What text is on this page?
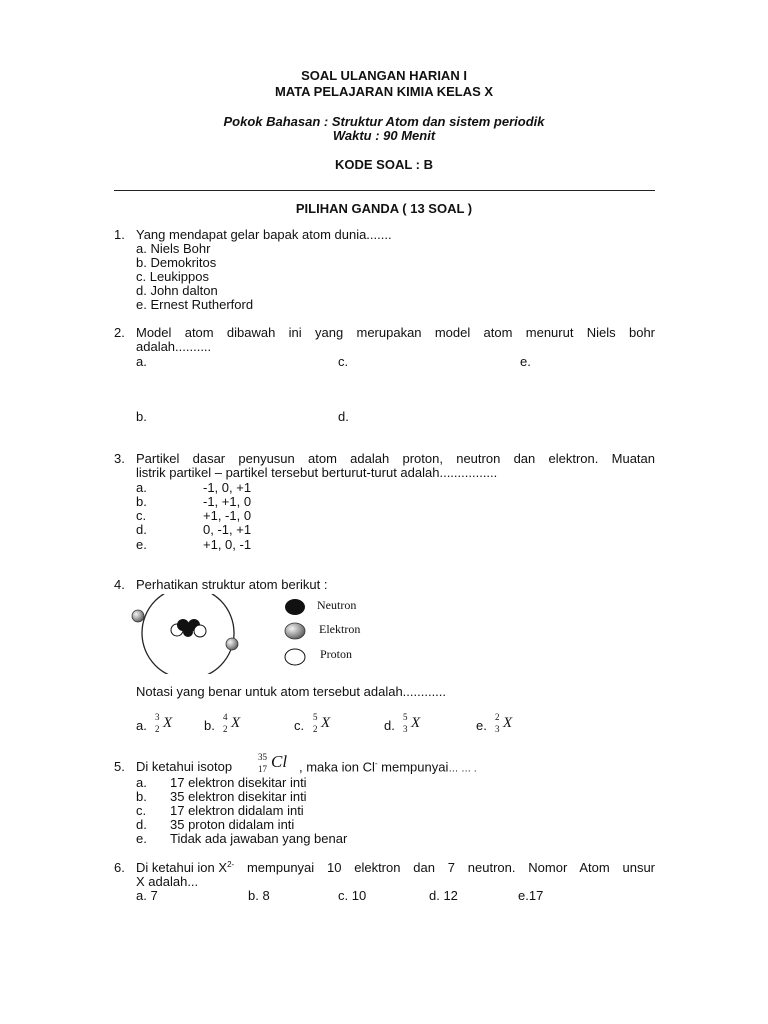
SOAL ULANGAN HARIAN I
MATA PELAJARAN KIMIA KELAS X
Pokok Bahasan : Struktur Atom dan sistem periodik
Waktu : 90 Menit
KODE SOAL : B
PILIHAN GANDA ( 13 SOAL )
1. Yang mendapat gelar bapak atom dunia.......
a. Niels Bohr
b. Demokritos
c. Leukippos
d. John dalton
e. Ernest Rutherford
2. Model atom dibawah ini yang merupakan model atom menurut Niels bohr
adalah..........
a.	c.	e.
b.	d.
3. Partikel dasar penyusun atom adalah proton, neutron dan elektron. Muatan
listrik partikel – partikel tersebut berturut-turut adalah................
a.	-1, 0, +1
b.	-1, +1, 0
c.	+1, -1, 0
d.	0, -1, +1
e.	+1, 0, -1
4. Perhatikan struktur atom berikut :
Neutron
Elektron
Proton
Notasi yang benar untuk atom tersebut adalah............
a.
3
2 X b.
4
2 X	c.
5
2 X	d.
5
3 X	e.
2
3 X
5. Di ketahui isotop
35
17 Cl , maka ion Cl- mempunyai… … .
a. 17 elektron disekitar inti
b. 35 elektron disekitar inti
c. 17 elektron didalam inti
d. 35 proton didalam inti
e. Tidak ada jawaban yang benar
6. Di ketahui ion X 2- mempunyai 10 elektron dan 7 neutron. Nomor Atom unsur
X adalah...
a. 7	b. 8	c. 10	d. 12	e.17
